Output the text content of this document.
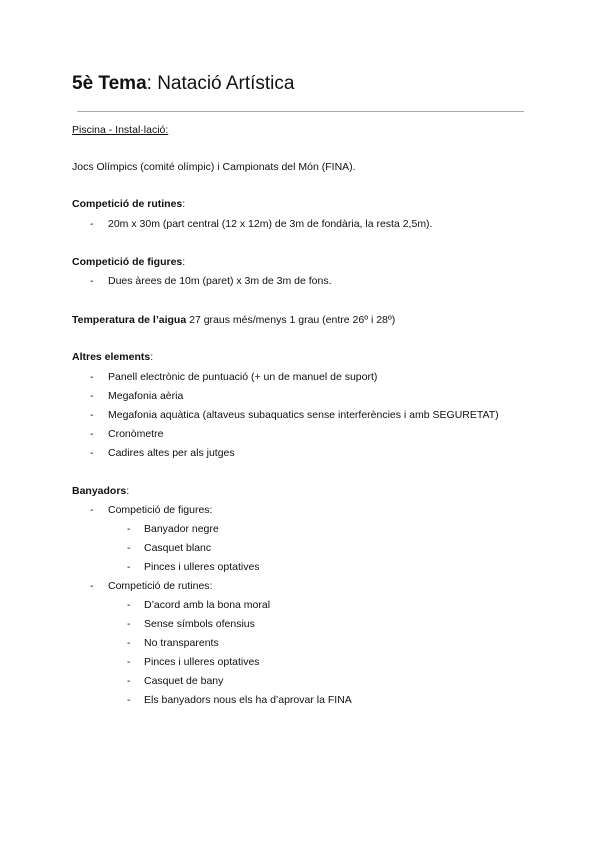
5è Tema: Natació Artística
Piscina - Instal·lació:
Jocs Olímpics (comité olímpic) i Campionats del Món (FINA).
Competició de rutines:
- 20m x 30m (part central (12 x 12m) de 3m de fondària, la resta 2,5m).
Competició de figures:
- Dues àrees de 10m (paret) x 3m de 3m de fons.
Temperatura de l’aigua 27 graus més/menys 1 grau (entre 26º i 28º)
Altres elements:
- Panell electrònic de puntuació (+ un de manuel de suport)
- Megafonia aèria
- Megafonia aquàtica (altaveus subaquatics sense interferències i amb SEGURETAT)
- Cronòmetre
- Cadires altes per als jutges
Banyadors:
- Competició de figures:
- Banyador negre
- Casquet blanc
- Pinces i ulleres optatives
- Competició de rutines:
- D’acord amb la bona moral
- Sense símbols ofensius
- No transparents
- Pinces i ulleres optatives
- Casquet de bany
- Els banyadors nous els ha d’aprovar la FINA
